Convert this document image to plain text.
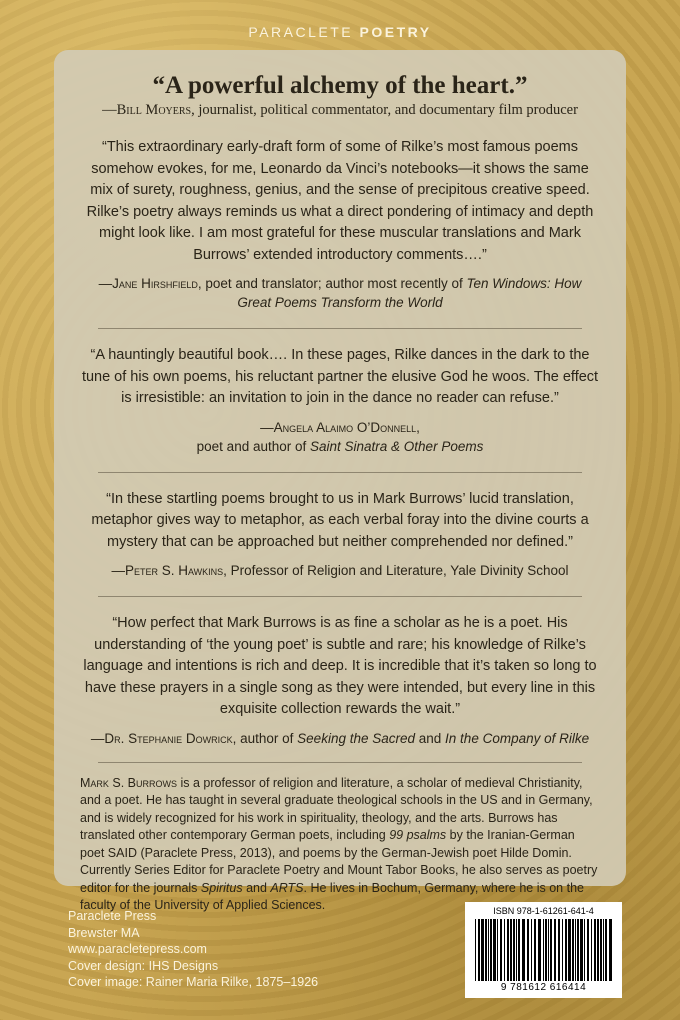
PARACLETE POETRY

“A powerful alchemy of the heart.”

—Bill Moyers, journalist, political commentator, and documentary film producer

“This extraordinary early-draft form of some of Rilke’s most famous poems somehow evokes, for me, Leonardo da Vinci’s notebooks—it shows the same mix of surety, roughness, genius, and the sense of precipitous creative speed. Rilke’s poetry always reminds us what a direct pondering of intimacy and depth might look like. I am most grateful for these muscular translations and Mark Burrows’ extended introductory comments….”

—Jane Hirshfield, poet and translator; author most recently of Ten Windows: How Great Poems Transform the World

“A hauntingly beautiful book…. In these pages, Rilke dances in the dark to the tune of his own poems, his reluctant partner the elusive God he woos. The effect is irresistible: an invitation to join in the dance no reader can refuse.”

—Angela Alaimo O’Donnell,
poet and author of Saint Sinatra & Other Poems

“In these startling poems brought to us in Mark Burrows’ lucid translation, metaphor gives way to metaphor, as each verbal foray into the divine courts a mystery that can be approached but neither comprehended nor defined.”

—Peter S. Hawkins, Professor of Religion and Literature, Yale Divinity School

“How perfect that Mark Burrows is as fine a scholar as he is a poet. His understanding of ‘the young poet’ is subtle and rare; his knowledge of Rilke’s language and intentions is rich and deep. It is incredible that it’s taken so long to have these prayers in a single song as they were intended, but every line in this exquisite collection rewards the wait.”

—Dr. Stephanie Dowrick, author of Seeking the Sacred and In the Company of Rilke

Mark S. Burrows is a professor of religion and literature, a scholar of medieval Christianity, and a poet. He has taught in several graduate theological schools in the US and in Germany, and is widely recognized for his work in spirituality, theology, and the arts. Burrows has translated other contemporary German poets, including 99 psalms by the Iranian-German poet SAID (Paraclete Press, 2013), and poems by the German-Jewish poet Hilde Domin. Currently Series Editor for Paraclete Poetry and Mount Tabor Books, he also serves as poetry editor for the journals Spiritus and ARTS. He lives in Bochum, Germany, where he is on the faculty of the University of Applied Sciences.

Paraclete Press
Brewster MA
www.paracletepress.com
Cover design: IHS Designs
Cover image: Rainer Maria Rilke, 1875–1926
ISBN 978-1-61261-641-4
9 781612 616414
